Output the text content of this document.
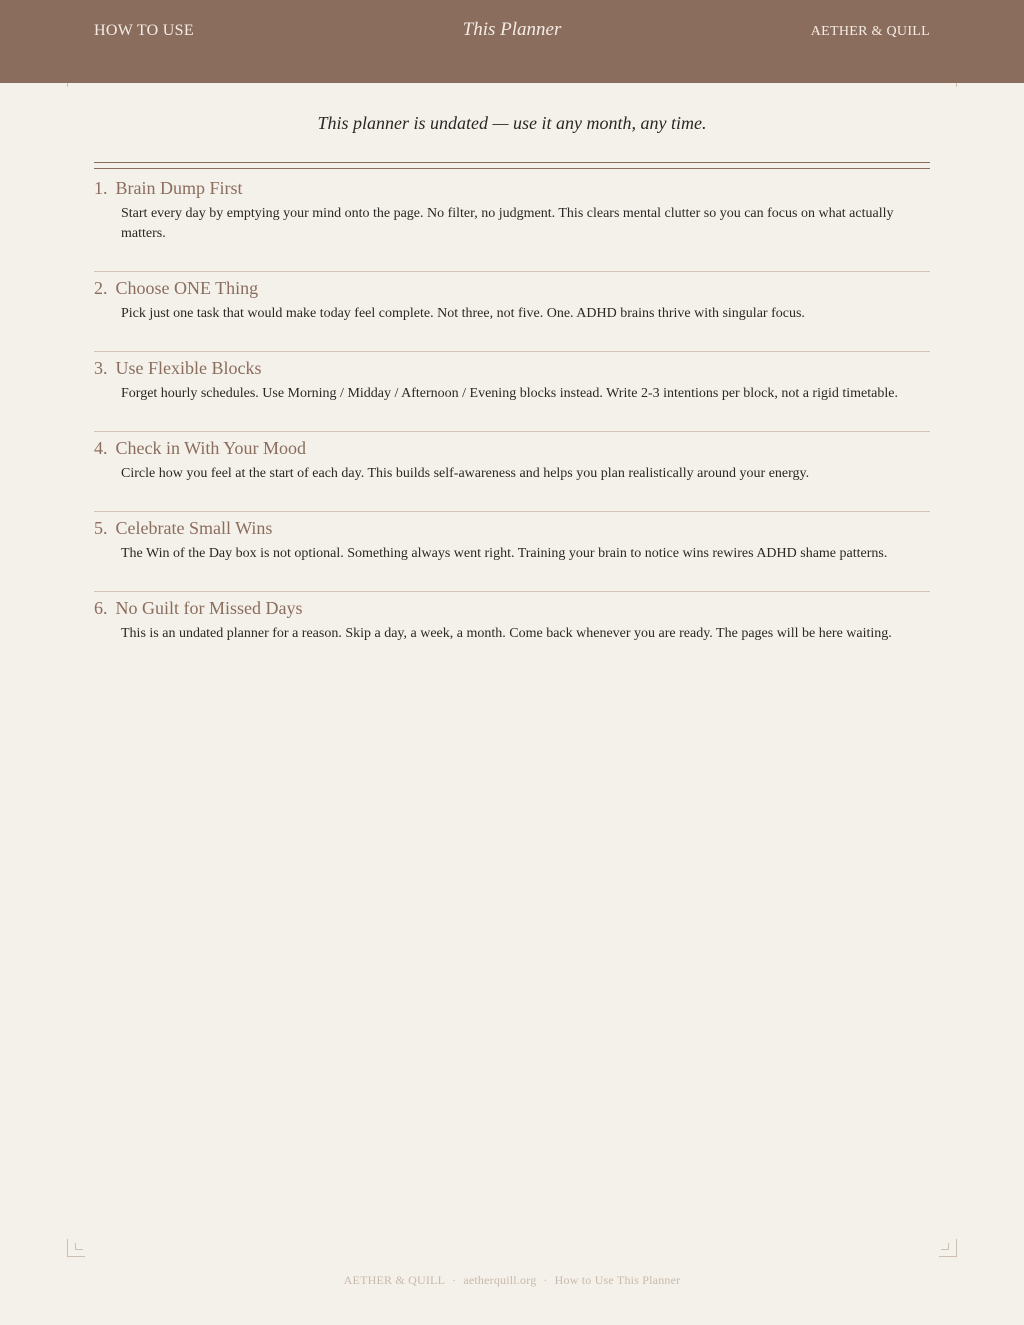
HOW TO USE	This Planner	AETHER & QUILL
This planner is undated — use it any month, any time.
1. Brain Dump First
Start every day by emptying your mind onto the page. No filter, no judgment. This clears mental clutter so you can focus on what actually matters.
2. Choose ONE Thing
Pick just one task that would make today feel complete. Not three, not five. One. ADHD brains thrive with singular focus.
3. Use Flexible Blocks
Forget hourly schedules. Use Morning / Midday / Afternoon / Evening blocks instead. Write 2-3 intentions per block, not a rigid timetable.
4. Check in With Your Mood
Circle how you feel at the start of each day. This builds self-awareness and helps you plan realistically around your energy.
5. Celebrate Small Wins
The Win of the Day box is not optional. Something always went right. Training your brain to notice wins rewires ADHD shame patterns.
6. No Guilt for Missed Days
This is an undated planner for a reason. Skip a day, a week, a month. Come back whenever you are ready. The pages will be here waiting.
AETHER & QUILL · aetherquill.org · How to Use This Planner
